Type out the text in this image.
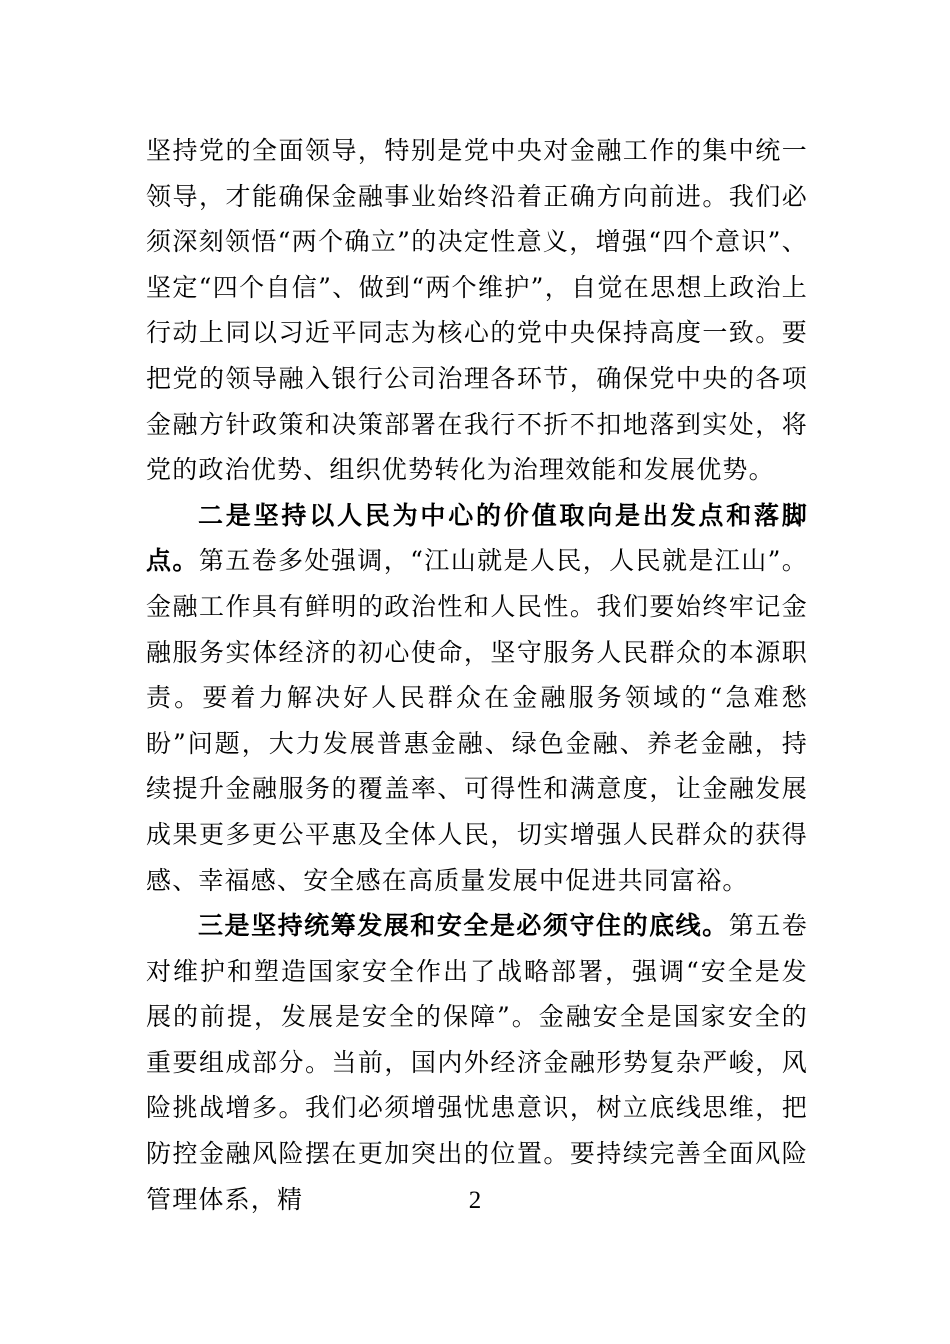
坚持党的全面领导，特别是党中央对金融工作的集中统一领导，才能确保金融事业始终沿着正确方向前进。我们必须深刻领悟“两个确立”的决定性意义，增强“四个意识”、坚定“四个自信”、做到“两个维护”，自觉在思想上政治上行动上同以习近平同志为核心的党中央保持高度一致。要把党的领导融入银行公司治理各环节，确保党中央的各项金融方针政策和决策部署在我行不折不扣地落到实处，将党的政治优势、组织优势转化为治理效能和发展优势。

二是坚持以人民为中心的价值取向是出发点和落脚点。第五卷多处强调，“江山就是人民，人民就是江山”。金融工作具有鲜明的政治性和人民性。我们要始终牢记金融服务实体经济的初心使命，坚守服务人民群众的本源职责。要着力解决好人民群众在金融服务领域的“急难愁盼”问题，大力发展普惠金融、绿色金融、养老金融，持续提升金融服务的覆盖率、可得性和满意度，让金融发展成果更多更公平惠及全体人民，切实增强人民群众的获得感、幸福感、安全感在高质量发展中促进共同富裕。

三是坚持统筹发展和安全是必须守住的底线。第五卷对维护和塑造国家安全作出了战略部署，强调“安全是发展的前提，发展是安全的保障”。金融安全是国家安全的重要组成部分。当前，国内外经济金融形势复杂严峻，风险挑战增多。我们必须增强忧患意识，树立底线思维，把防控金融风险摆在更加突出的位置。要持续完善全面风险管理体系，精	2
